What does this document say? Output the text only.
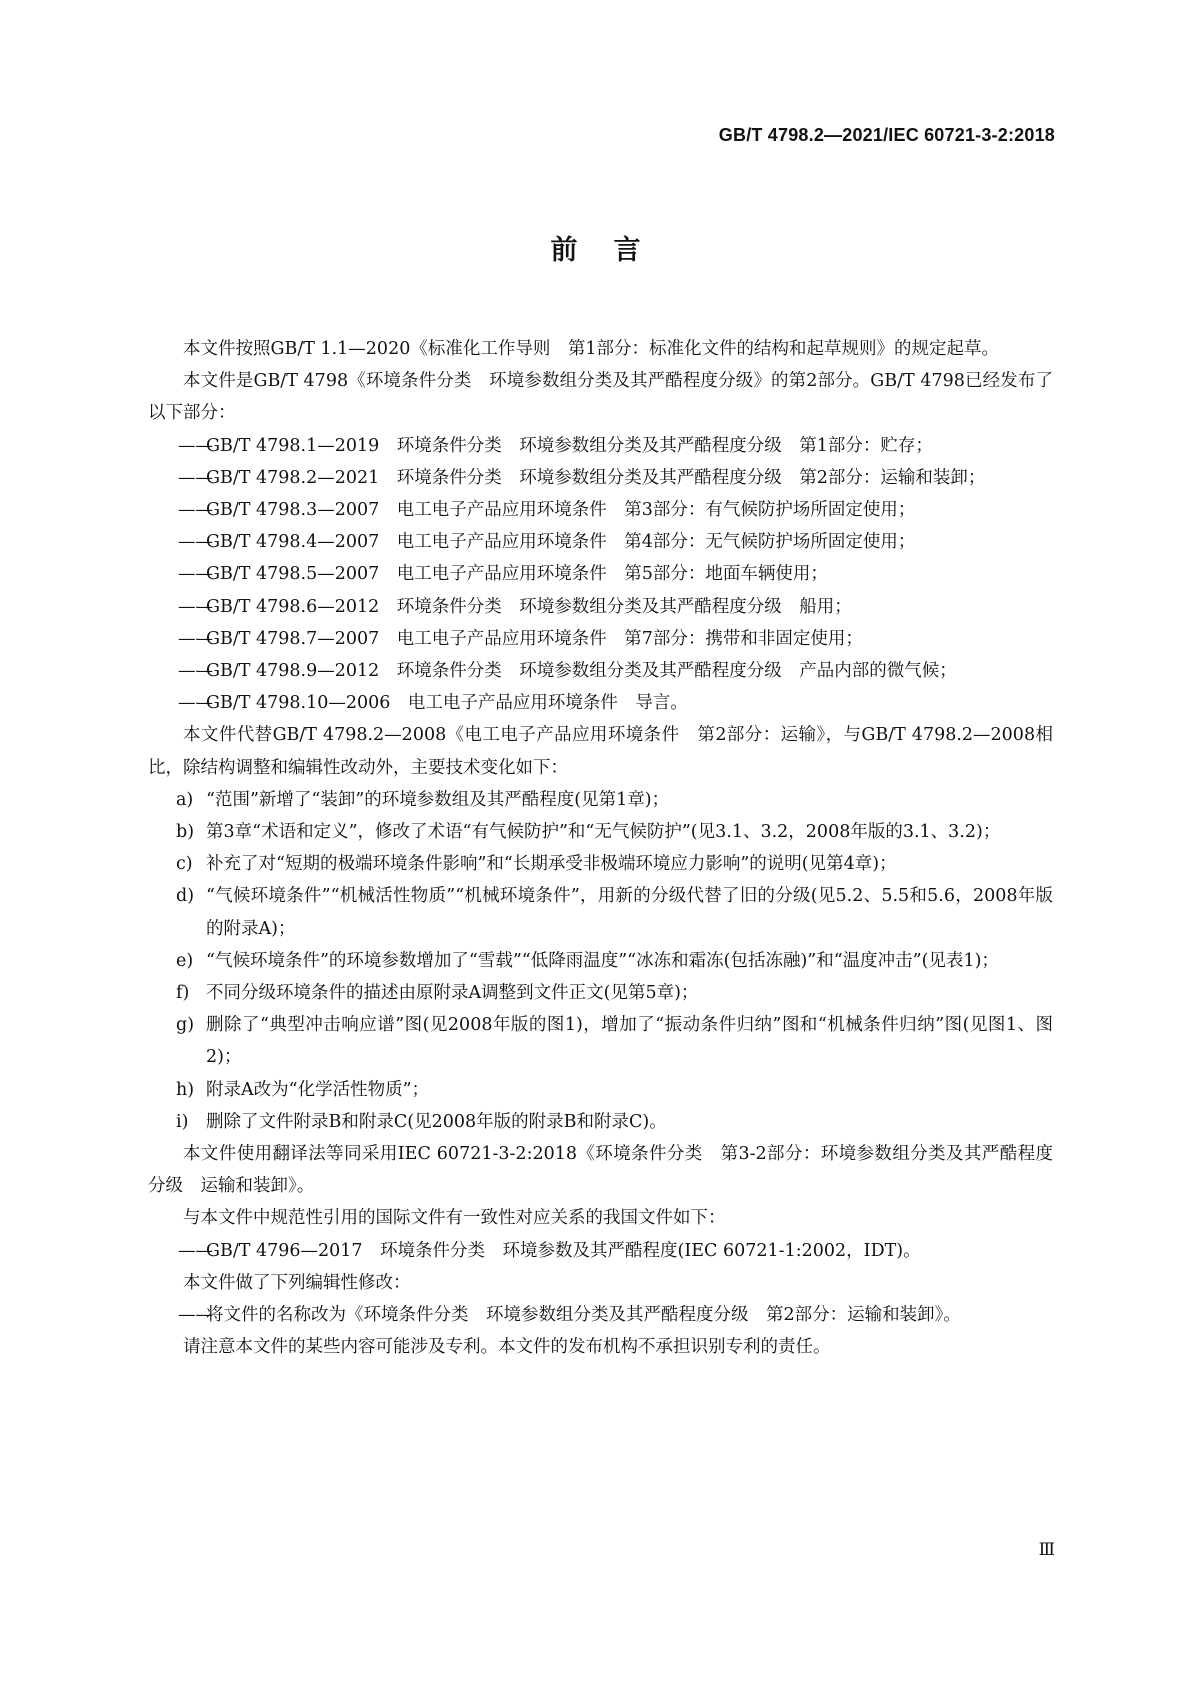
GB/T 4798.2—2021/IEC 60721-3-2:2018
前言

本文件按照GB/T 1.1—2020《标准化工作导则　第1部分：标准化文件的结构和起草规则》的规定起草。

本文件是GB/T 4798《环境条件分类　环境参数组分类及其严酷程度分级》的第2部分。GB/T 4798已经发布了以下部分：

——
GB/T 4798.1—2019　环境条件分类　环境参数组分类及其严酷程度分级　第1部分：贮存；

——
GB/T 4798.2—2021　环境条件分类　环境参数组分类及其严酷程度分级　第2部分：运输和装卸；

——
GB/T 4798.3—2007　电工电子产品应用环境条件　第3部分：有气候防护场所固定使用；

——
GB/T 4798.4—2007　电工电子产品应用环境条件　第4部分：无气候防护场所固定使用；

——
GB/T 4798.5—2007　电工电子产品应用环境条件　第5部分：地面车辆使用；

——
GB/T 4798.6—2012　环境条件分类　环境参数组分类及其严酷程度分级　船用；

——
GB/T 4798.7—2007　电工电子产品应用环境条件　第7部分：携带和非固定使用；

——
GB/T 4798.9—2012　环境条件分类　环境参数组分类及其严酷程度分级　产品内部的微气候；

——
GB/T 4798.10—2006　电工电子产品应用环境条件　导言。

本文件代替GB/T 4798.2—2008《电工电子产品应用环境条件　第2部分：运输》，与GB/T 4798.2—2008相比，除结构调整和编辑性改动外，主要技术变化如下：

a) “范围”新增了“装卸”的环境参数组及其严酷程度(见第1章)；

b) 第3章“术语和定义”，修改了术语“有气候防护”和“无气候防护”(见3.1、3.2，2008年版的3.1、3.2)；

c) 补充了对“短期的极端环境条件影响”和“长期承受非极端环境应力影响”的说明(见第4章)；

d) “气候环境条件”“机械活性物质”“机械环境条件”，用新的分级代替了旧的分级(见5.2、5.5和5.6，2008年版的附录A)；

e) “气候环境条件”的环境参数增加了“雪载”“低降雨温度”“冰冻和霜冻(包括冻融)”和“温度冲击”(见表1)；

f) 不同分级环境条件的描述由原附录A调整到文件正文(见第5章)；

g) 删除了“典型冲击响应谱”图(见2008年版的图1)，增加了“振动条件归纳”图和“机械条件归纳”图(见图1、图2)；

h) 附录A改为“化学活性物质”；

i) 删除了文件附录B和附录C(见2008年版的附录B和附录C)。

本文件使用翻译法等同采用IEC 60721-3-2:2018《环境条件分类　第3-2部分：环境参数组分类及其严酷程度分级　运输和装卸》。

与本文件中规范性引用的国际文件有一致性对应关系的我国文件如下：

——
GB/T 4796—2017　环境条件分类　环境参数及其严酷程度(IEC 60721-1:2002，IDT)。

本文件做了下列编辑性修改：

——
将文件的名称改为《环境条件分类　环境参数组分类及其严酷程度分级　第2部分：运输和装卸》。

请注意本文件的某些内容可能涉及专利。本文件的发布机构不承担识别专利的责任。

Ⅲ
